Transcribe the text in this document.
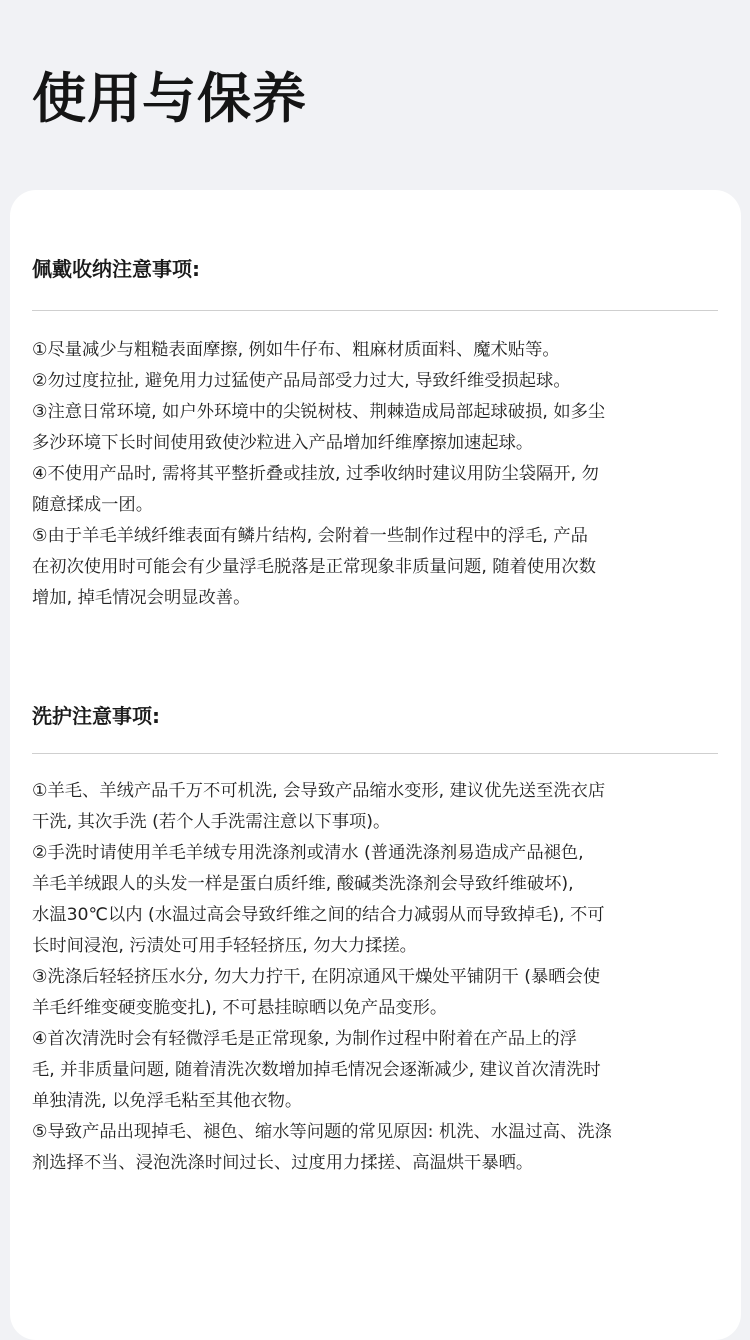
使用与保养
佩戴收纳注意事项:
①尽量减少与粗糙表面摩擦, 例如牛仔布、粗麻材质面料、魔术贴等。
②勿过度拉扯, 避免用力过猛使产品局部受力过大, 导致纤维受损起球。
③注意日常环境, 如户外环境中的尖锐树枝、荆棘造成局部起球破损, 如多尘
多沙环境下长时间使用致使沙粒进入产品增加纤维摩擦加速起球。
④不使用产品时, 需将其平整折叠或挂放, 过季收纳时建议用防尘袋隔开, 勿
随意揉成一团。
⑤由于羊毛羊绒纤维表面有鳞片结构, 会附着一些制作过程中的浮毛, 产品
在初次使用时可能会有少量浮毛脱落是正常现象非质量问题, 随着使用次数
增加, 掉毛情况会明显改善。
洗护注意事项:
①羊毛、羊绒产品千万不可机洗, 会导致产品缩水变形, 建议优先送至洗衣店
干洗, 其次手洗 (若个人手洗需注意以下事项)。
②手洗时请使用羊毛羊绒专用洗涤剂或清水 (普通洗涤剂易造成产品褪色,
羊毛羊绒跟人的头发一样是蛋白质纤维, 酸碱类洗涤剂会导致纤维破坏),
水温30℃以内 (水温过高会导致纤维之间的结合力减弱从而导致掉毛), 不可
长时间浸泡, 污渍处可用手轻轻挤压, 勿大力揉搓。
③洗涤后轻轻挤压水分, 勿大力拧干, 在阴凉通风干燥处平铺阴干 (暴晒会使
羊毛纤维变硬变脆变扎), 不可悬挂晾晒以免产品变形。
④首次清洗时会有轻微浮毛是正常现象, 为制作过程中附着在产品上的浮
毛, 并非质量问题, 随着清洗次数增加掉毛情况会逐渐减少, 建议首次清洗时
单独清洗, 以免浮毛粘至其他衣物。
⑤导致产品出现掉毛、褪色、缩水等问题的常见原因: 机洗、水温过高、洗涤
剂选择不当、浸泡洗涤时间过长、过度用力揉搓、高温烘干暴晒。
